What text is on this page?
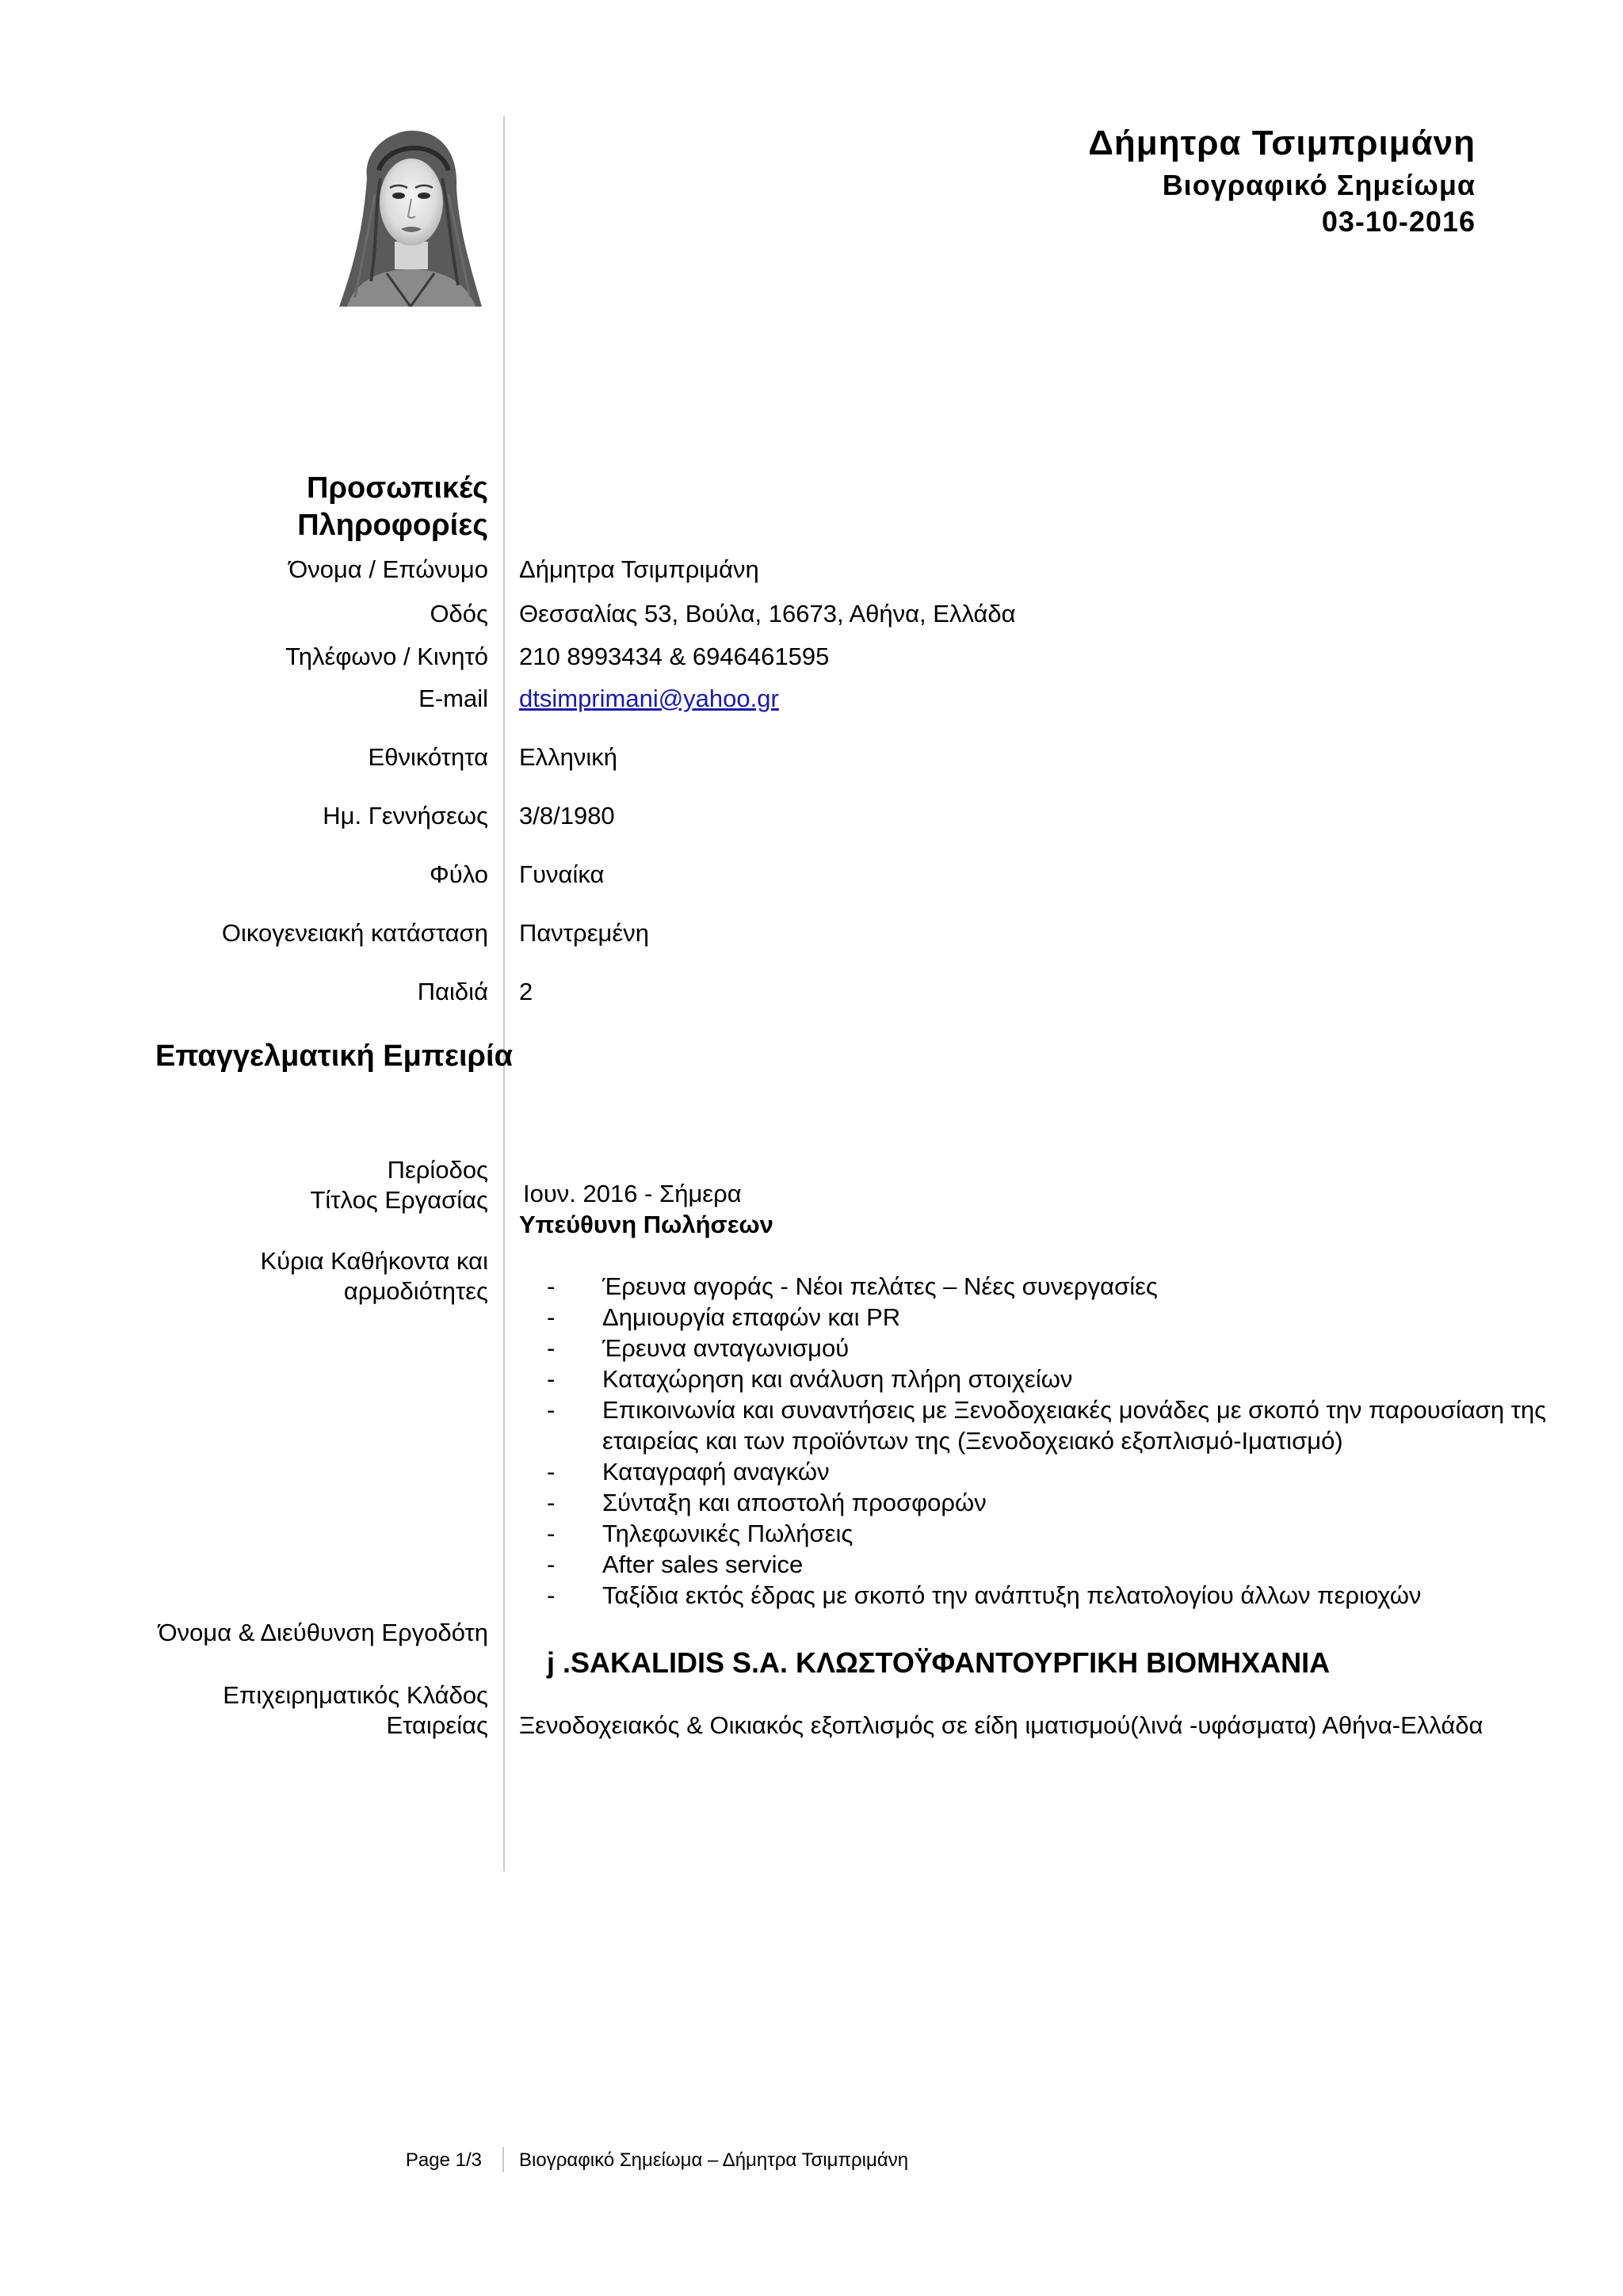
Δήμητρα Τσιμπριμάνη
Βιογραφικό Σημείωμα
03-10-2016
Προσωπικές
Πληροφορίες
Όνομα / Επώνυμο Δήμητρα Τσιμπριμάνη
Οδός Θεσσαλίας 53, Βούλα, 16673, Αθήνα, Ελλάδα
Τηλέφωνο / Κινητό 210 8993434 & 6946461595
E-mail dtsimprimani@yahoo.gr
Εθνικότητα Ελληνική
Ημ. Γεννήσεως 3/8/1980
Φύλο Γυναίκα
Οικογενειακή κατάσταση Παντρεμένη
Παιδιά 2
Επαγγελματική Εμπειρία
Περίοδος
Τίτλος Εργασίας Ιουν. 2016 - Σήμερα
Υπεύθυνη Πωλήσεων
Κύρια Καθήκοντα και
αρμοδιότητες - Έρευνα αγοράς - Νέοι πελάτες – Νέες συνεργασίες
- Δημιουργία επαφών και PR
- Έρευνα ανταγωνισμού
- Καταχώρηση και ανάλυση πλήρη στοιχείων
- Επικοινωνία και συναντήσεις με Ξενοδοχειακές μονάδες με σκοπό την παρουσίαση της
εταιρείας και των προϊόντων της (Ξενοδοχειακό εξοπλισμό-Ιματισμό)
- Καταγραφή αναγκών
- Σύνταξη και αποστολή προσφορών
- Τηλεφωνικές Πωλήσεις
- After sales service
- Ταξίδια εκτός έδρας με σκοπό την ανάπτυξη πελατολογίου άλλων περιοχών
Όνομα & Διεύθυνση Εργοδότη
j .SAKALIDIS S.A. ΚΛΩΣΤΟΫΦΑΝΤΟΥΡΓΙΚΗ ΒΙΟΜΗΧΑΝΙΑ
Επιχειρηματικός Κλάδος
Εταιρείας Ξενοδοχειακός & Οικιακός εξοπλισμός σε είδη ιματισμού(λινά -υφάσματα) Αθήνα-Ελλάδα
Page 1/3 Βιογραφικό Σημείωμα – Δήμητρα Τσιμπριμάνη
